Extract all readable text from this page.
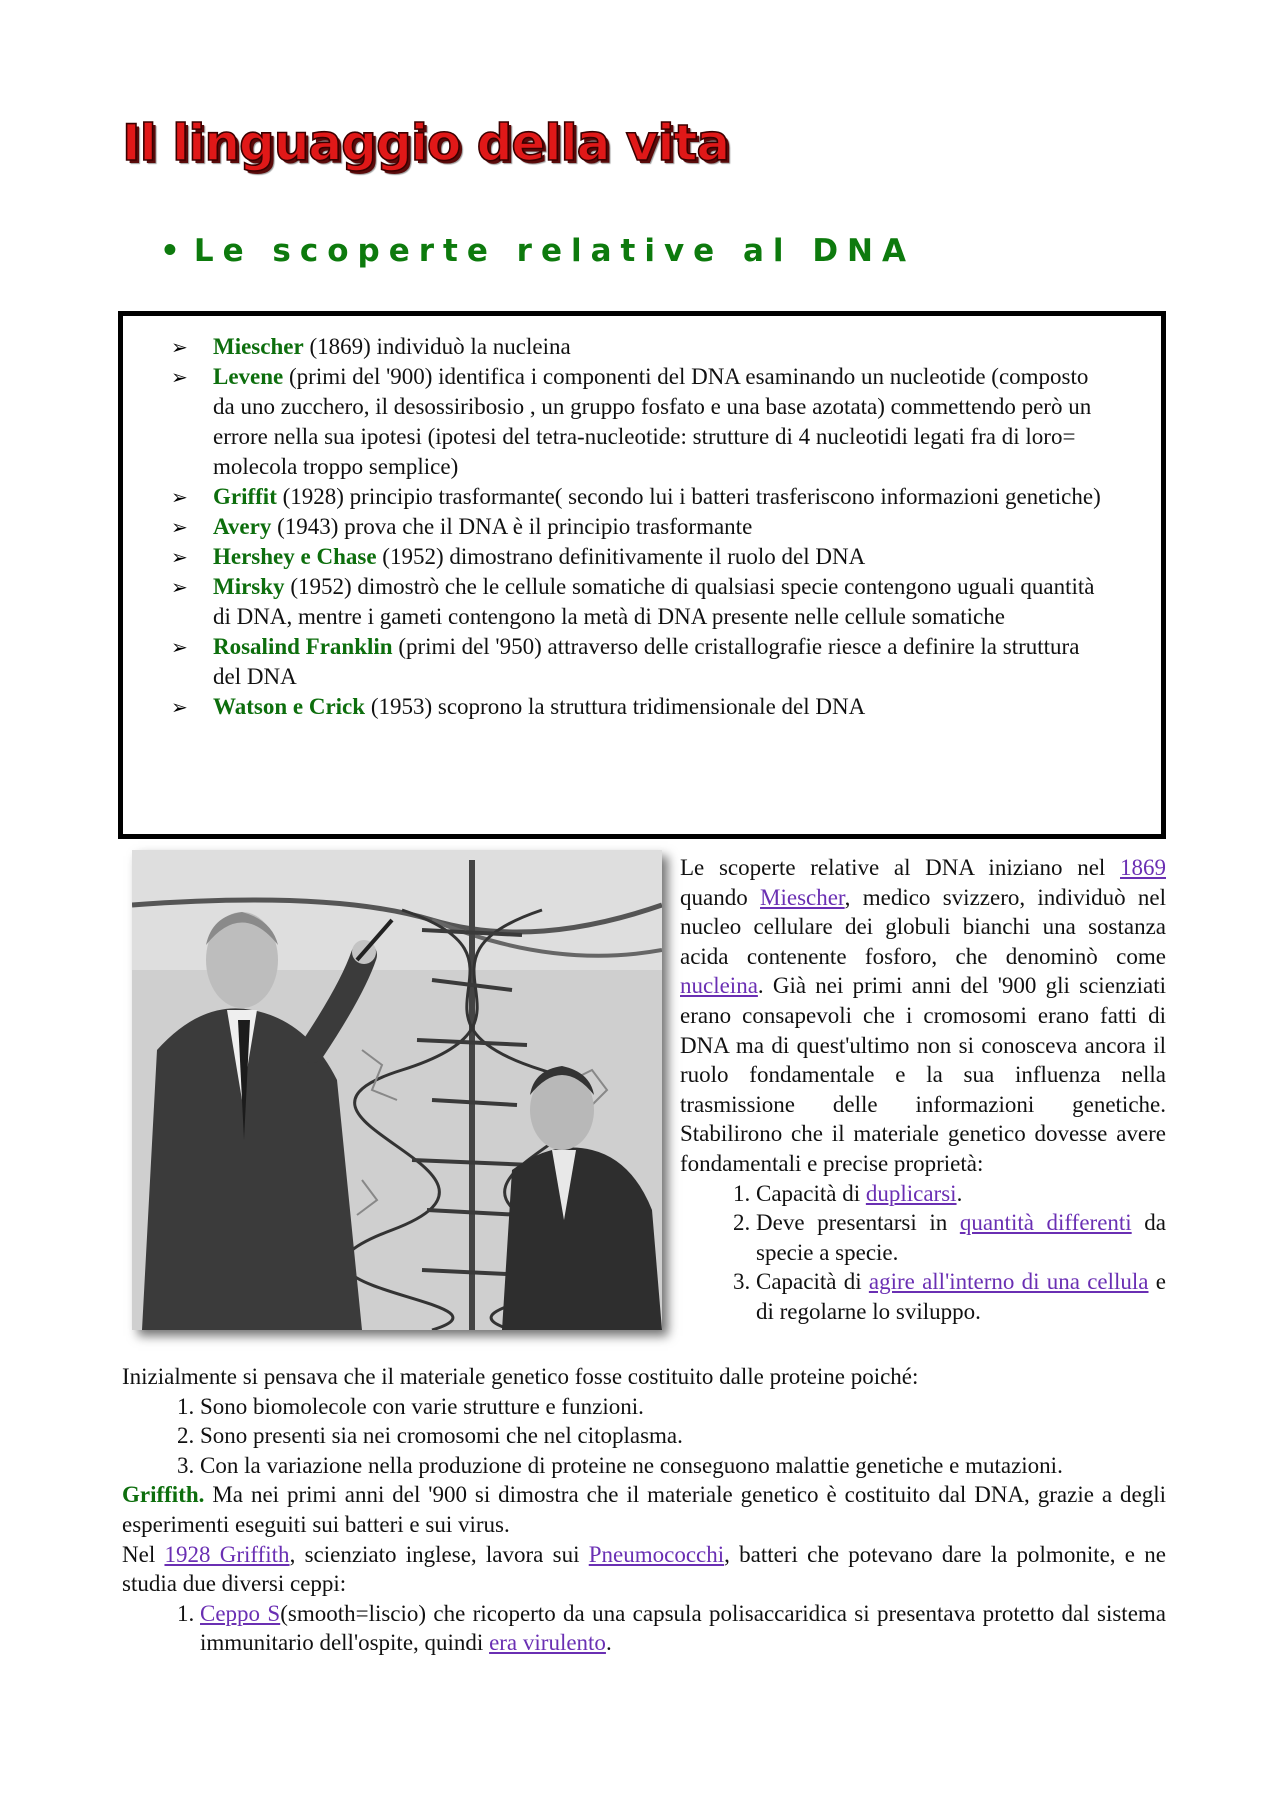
Il linguaggio della vita
• Le scoperte relative al DNA
➢ Miescher (1869) individuò la nucleina
➢ Levene (primi del '900) identifica i componenti del DNA esaminando un nucleotide (composto da uno zucchero, il desossiribosio , un gruppo fosfato e una base azotata) commettendo però un errore nella sua ipotesi (ipotesi del tetra-nucleotide: strutture di 4 nucleotidi legati fra di loro= molecola troppo semplice)
➢ Griffit (1928) principio trasformante( secondo lui i batteri trasferiscono informazioni genetiche)
➢ Avery (1943) prova che il DNA è il principio trasformante
➢ Hershey e Chase (1952) dimostrano definitivamente il ruolo del DNA
➢ Mirsky (1952) dimostrò che le cellule somatiche di qualsiasi specie contengono uguali quantità di DNA, mentre i gameti contengono la metà di DNA presente nelle cellule somatiche
➢ Rosalind Franklin (primi del '950) attraverso delle cristallografie riesce a definire la struttura del DNA
➢ Watson e Crick (1953) scoprono la struttura tridimensionale del DNA

Le scoperte relative al DNA iniziano nel 1869 quando Miescher, medico svizzero, individuò nel nucleo cellulare dei globuli bianchi una sostanza acida contenente fosforo, che denominò come nucleina. Già nei primi anni del '900 gli scienziati erano consapevoli che i cromosomi erano fatti di DNA ma di quest'ultimo non si conosceva ancora il ruolo fondamentale e la sua influenza nella trasmissione delle informazioni genetiche. Stabilirono che il materiale genetico dovesse avere fondamentali e precise proprietà:

1. Capacità di duplicarsi.
2. Deve presentarsi in quantità differenti da specie a specie.
3. Capacità di agire all'interno di una cellula e di regolarne lo sviluppo.

Inizialmente si pensava che il materiale genetico fosse costituito dalle proteine poiché:

1. Sono biomolecole con varie strutture e funzioni.
2. Sono presenti sia nei cromosomi che nel citoplasma.
3. Con la variazione nella produzione di proteine ne conseguono malattie genetiche e mutazioni.

Griffith. Ma nei primi anni del '900 si dimostra che il materiale genetico è costituito dal DNA, grazie a degli esperimenti eseguiti sui batteri e sui virus.

Nel 1928 Griffith, scienziato inglese, lavora sui Pneumococchi, batteri che potevano dare la polmonite, e ne studia due diversi ceppi:

1. Ceppo S(smooth=liscio) che ricoperto da una capsula polisaccaridica si presentava protetto dal sistema immunitario dell'ospite, quindi era virulento.
